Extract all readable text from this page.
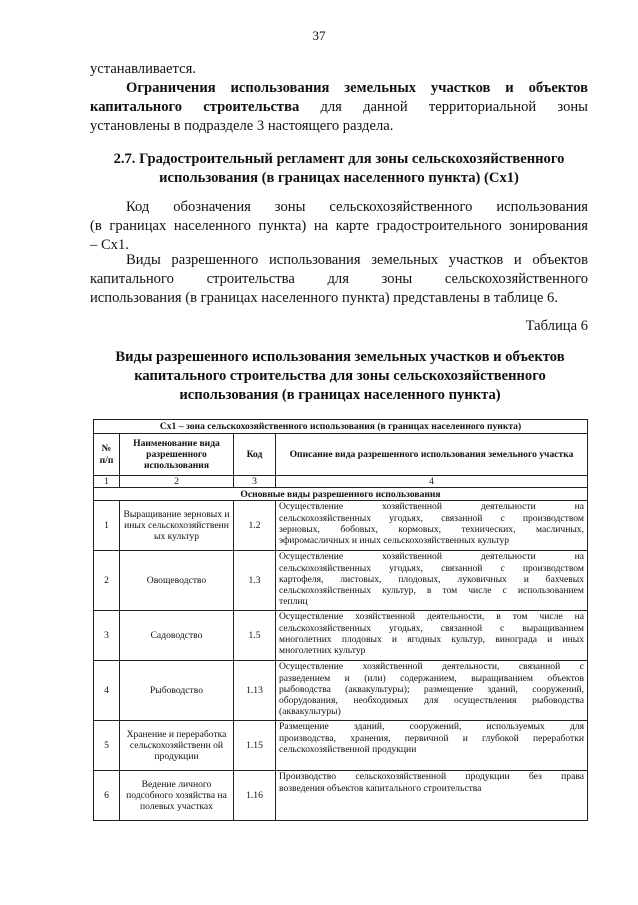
37
устанавливается.
Ограничения использования земельных участков и объектов
капитального строительства для данной территориальной зоны
установлены в подразделе 3 настоящего раздела.
2.7. Градостроительный регламент для зоны сельскохозяйственного
использования (в границах населенного пункта) (Сх1)
Код обозначения зоны сельскохозяйственного использования
(в границах населенного пункта) на карте градостроительного зонирования
– Сх1.
Виды разрешенного использования земельных участков и объектов
капитального строительства для зоны сельскохозяйственного
использования (в границах населенного пункта) представлены в таблице 6.
Таблица 6
Виды разрешенного использования земельных участков и объектов
капитального строительства для зоны сельскохозяйственного
использования (в границах населенного пункта)
Сх1 – зона сельскохозяйственного использования (в границах населенного пункта)			
№ п/п	Наименование вида разрешенного использования	Код	Описание вида разрешенного использования земельного участка
1	2	3	4
Основные виды разрешенного использования			
1	Выращивание зерновых и иных сельскохозяйственн ых культур	1.2	Осуществление хозяйственной деятельности на
сельскохозяйственных угодьях, связанной с производством
зерновых, бобовых, кормовых, технических, масличных,
эфиромасличных и иных сельскохозяйственных культур

2	Овощеводство	1.3	Осуществление хозяйственной деятельности на
сельскохозяйственных угодьях, связанной с производством
картофеля, листовых, плодовых, луковичных и бахчевых
сельскохозяйственных культур, в том числе с использованием
теплиц

3	Садоводство	1.5	Осуществление хозяйственной деятельности, в том числе на
сельскохозяйственных угодьях, связанной с выращиванием
многолетних плодовых и ягодных культур, винограда и иных
многолетних культур

4	Рыбоводство	1.13	Осуществление хозяйственной деятельности, связанной с
разведением и (или) содержанием, выращиванием объектов
рыбоводства (аквакультуры); размещение зданий, сооружений,
оборудования, необходимых для осуществления рыбоводства
(аквакультуры)

5	Хранение и переработка сельскохозяйственн ой продукции	1.15	Размещение зданий, сооружений, используемых для
производства, хранения, первичной и глубокой переработки
сельскохозяйственной продукции

6	Ведение личного подсобного хозяйства на полевых участках	1.16	Производство сельскохозяйственной продукции без права
возведения объектов капитального строительства
